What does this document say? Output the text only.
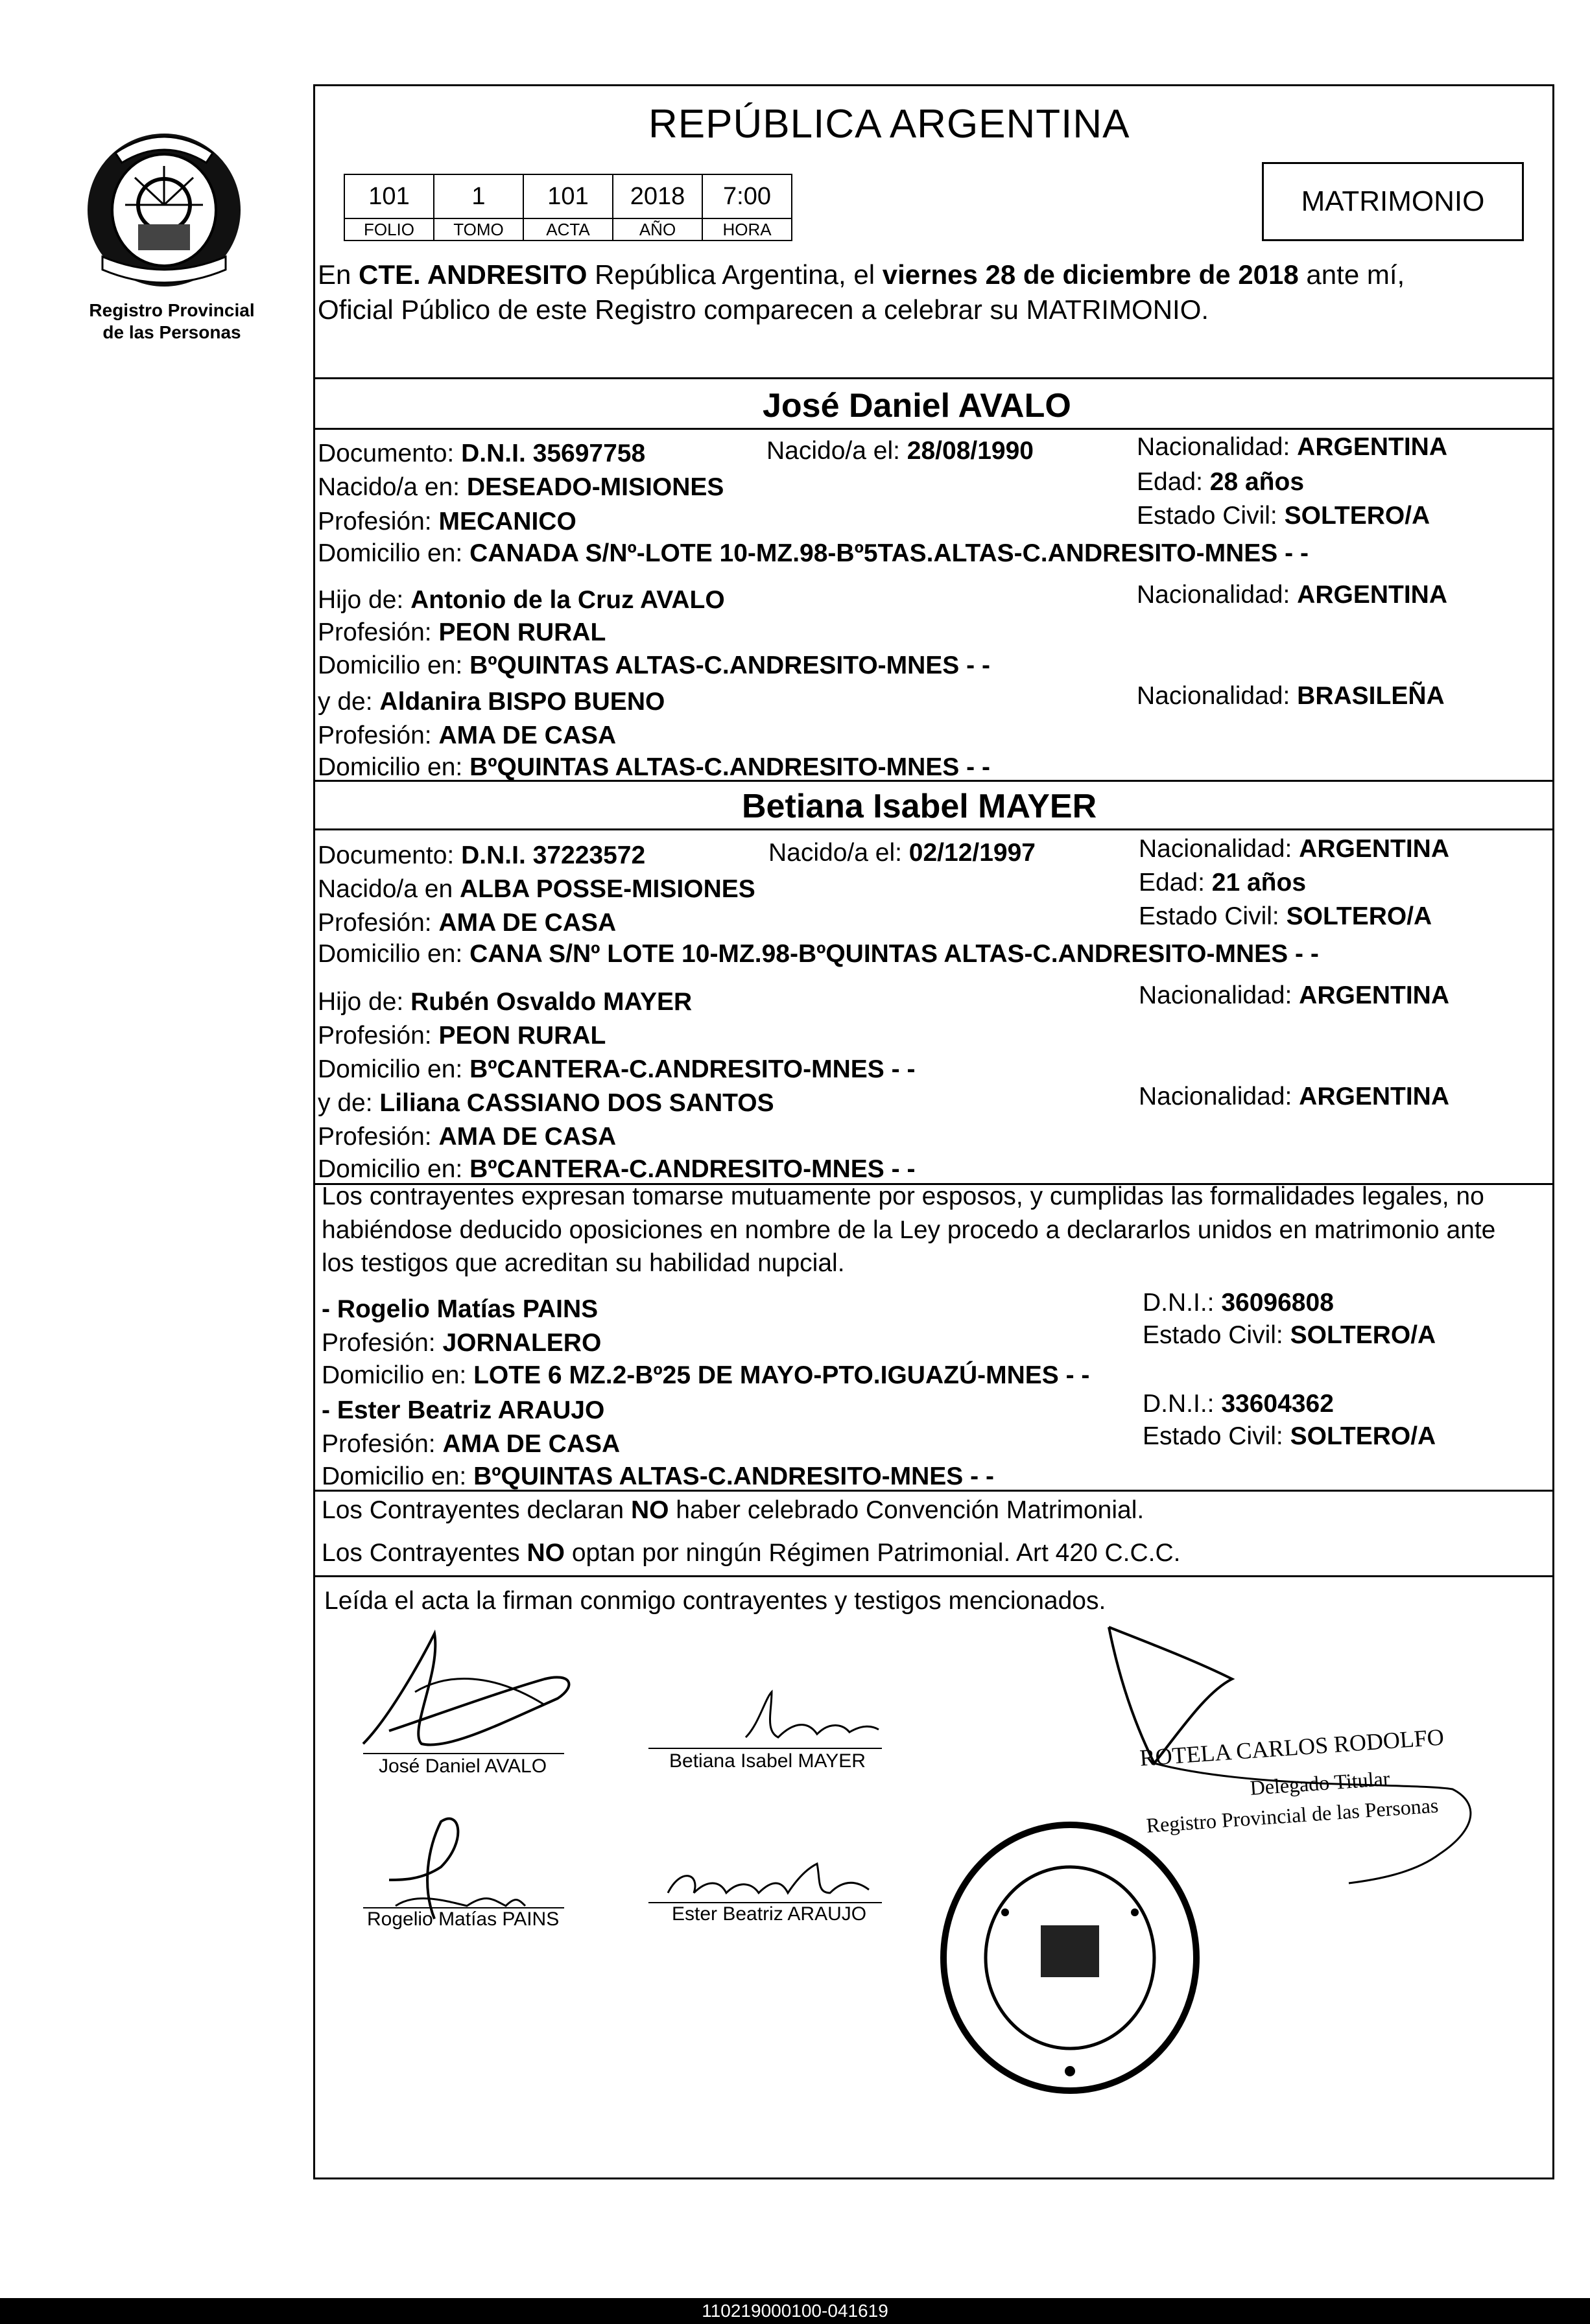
Registro Provincial
de las Personas
REPÚBLICA ARGENTINA
101	1	101	2018	7:00
FOLIO	TOMO	ACTA	AÑO	HORA
MATRIMONIO
En CTE. ANDRESITO República Argentina, el viernes 28 de diciembre de 2018 ante mí,
Oficial Público de este Registro comparecen a celebrar su MATRIMONIO.
José Daniel AVALO
Documento: D.N.I. 35697758	Nacido/a el: 28/08/1990	Nacionalidad: ARGENTINA
Nacido/a en: DESEADO-MISIONES	Edad: 28 años
Profesión: MECANICO	Estado Civil: SOLTERO/A
Domicilio en: CANADA S/Nº-LOTE 10-MZ.98-Bº5TAS.ALTAS-C.ANDRESITO-MNES - -
Hijo de: Antonio de la Cruz AVALO	Nacionalidad: ARGENTINA
Profesión: PEON RURAL
Domicilio en: BºQUINTAS ALTAS-C.ANDRESITO-MNES - -
y de: Aldanira BISPO BUENO	Nacionalidad: BRASILEÑA
Profesión: AMA DE CASA
Domicilio en: BºQUINTAS ALTAS-C.ANDRESITO-MNES - -
Betiana Isabel MAYER
Documento: D.N.I. 37223572	Nacido/a el: 02/12/1997	Nacionalidad: ARGENTINA
Nacido/a en ALBA POSSE-MISIONES	Edad: 21 años
Profesión: AMA DE CASA	Estado Civil: SOLTERO/A
Domicilio en: CANA S/Nº LOTE 10-MZ.98-BºQUINTAS ALTAS-C.ANDRESITO-MNES - -
Hijo de: Rubén Osvaldo MAYER	Nacionalidad: ARGENTINA
Profesión: PEON RURAL
Domicilio en: BºCANTERA-C.ANDRESITO-MNES - -
y de: Liliana CASSIANO DOS SANTOS	Nacionalidad: ARGENTINA
Profesión: AMA DE CASA
Domicilio en: BºCANTERA-C.ANDRESITO-MNES - -
Los contrayentes expresan tomarse mutuamente por esposos, y cumplidas las formalidades legales, no
habiéndose deducido oposiciones en nombre de la Ley procedo a declararlos unidos en matrimonio ante
los testigos que acreditan su habilidad nupcial.
- Rogelio Matías PAINS	D.N.I.: 36096808
Profesión: JORNALERO	Estado Civil: SOLTERO/A
Domicilio en: LOTE 6 MZ.2-Bº25 DE MAYO-PTO.IGUAZÚ-MNES - -
- Ester Beatriz ARAUJO	D.N.I.: 33604362
Profesión: AMA DE CASA	Estado Civil: SOLTERO/A
Domicilio en: BºQUINTAS ALTAS-C.ANDRESITO-MNES - -
Los Contrayentes declaran NO haber celebrado Convención Matrimonial.
Los Contrayentes NO optan por ningún Régimen Patrimonial. Art 420 C.C.C.
Leída el acta la firman conmigo contrayentes y testigos mencionados.
José Daniel AVALO	Betiana Isabel MAYER
Rogelio Matías PAINS	Ester Beatriz ARAUJO
ROTELA CARLOS RODOLFO
Delegado Titular
Registro Provincial de las Personas
110219000100-041619
